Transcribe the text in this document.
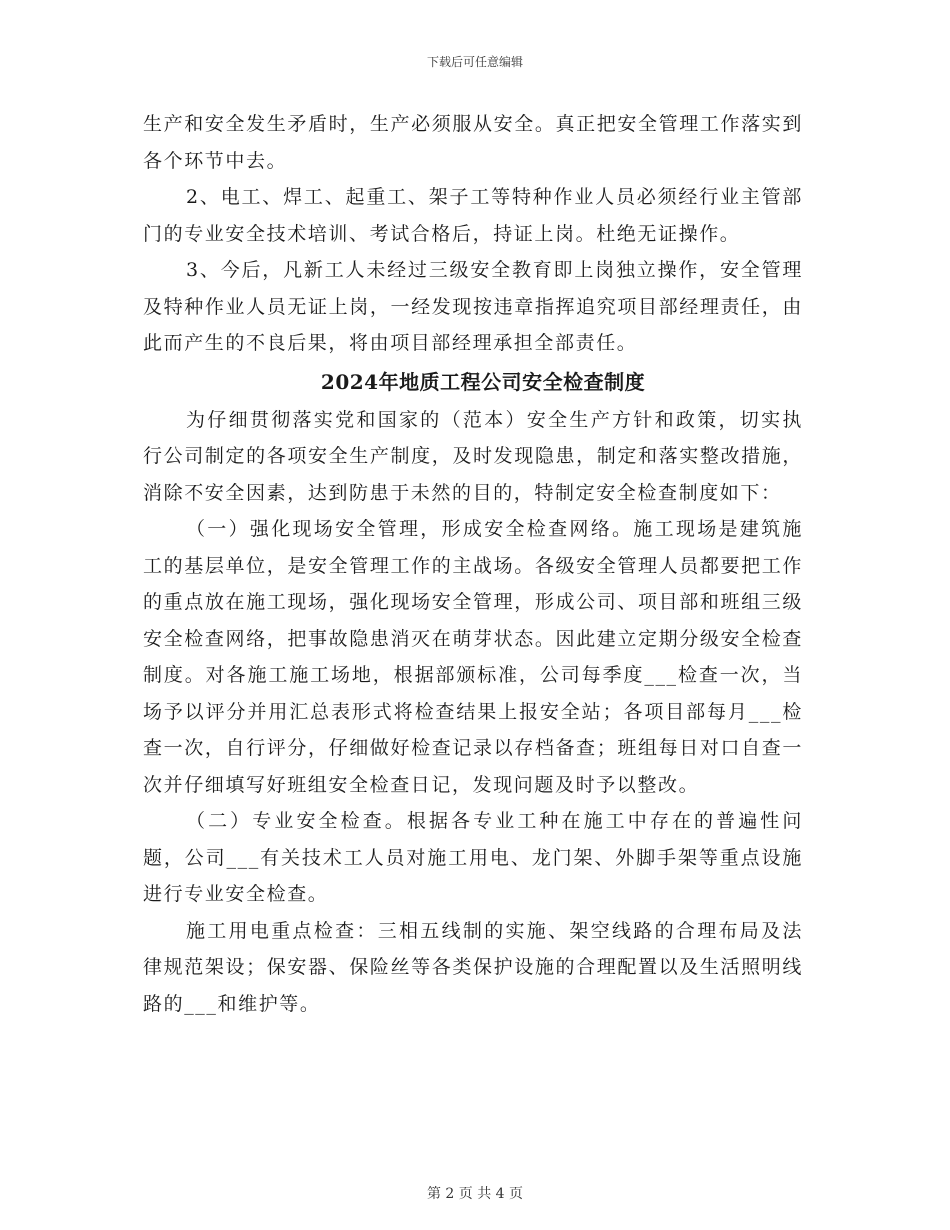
下载后可任意编辑

生产和安全发生矛盾时，生产必须服从安全。真正把安全管理工作落实到各个环节中去。

2、电工、焊工、起重工、架子工等特种作业人员必须经行业主管部门的专业安全技术培训、考试合格后，持证上岗。杜绝无证操作。

3、今后，凡新工人未经过三级安全教育即上岗独立操作，安全管理及特种作业人员无证上岗，一经发现按违章指挥追究项目部经理责任，由此而产生的不良后果，将由项目部经理承担全部责任。

2024年地质工程公司安全检查制度

为仔细贯彻落实党和国家的（范本）安全生产方针和政策，切实执行公司制定的各项安全生产制度，及时发现隐患，制定和落实整改措施，消除不安全因素，达到防患于未然的目的，特制定安全检查制度如下：

（一）强化现场安全管理，形成安全检查网络。施工现场是建筑施工的基层单位，是安全管理工作的主战场。各级安全管理人员都要把工作的重点放在施工现场，强化现场安全管理，形成公司、项目部和班组三级安全检查网络，把事故隐患消灭在萌芽状态。因此建立定期分级安全检查制度。对各施工施工场地，根据部颁标准，公司每季度___检查一次，当场予以评分并用汇总表形式将检查结果上报安全站；各项目部每月___检查一次，自行评分，仔细做好检查记录以存档备查；班组每日对口自查一次并仔细填写好班组安全检查日记，发现问题及时予以整改。

（二）专业安全检查。根据各专业工种在施工中存在的普遍性问题，公司___有关技术工人员对施工用电、龙门架、外脚手架等重点设施进行专业安全检查。

施工用电重点检查：三相五线制的实施、架空线路的合理布局及法律规范架设；保安器、保险丝等各类保护设施的合理配置以及生活照明线路的___和维护等。

第 2 页 共 4 页
